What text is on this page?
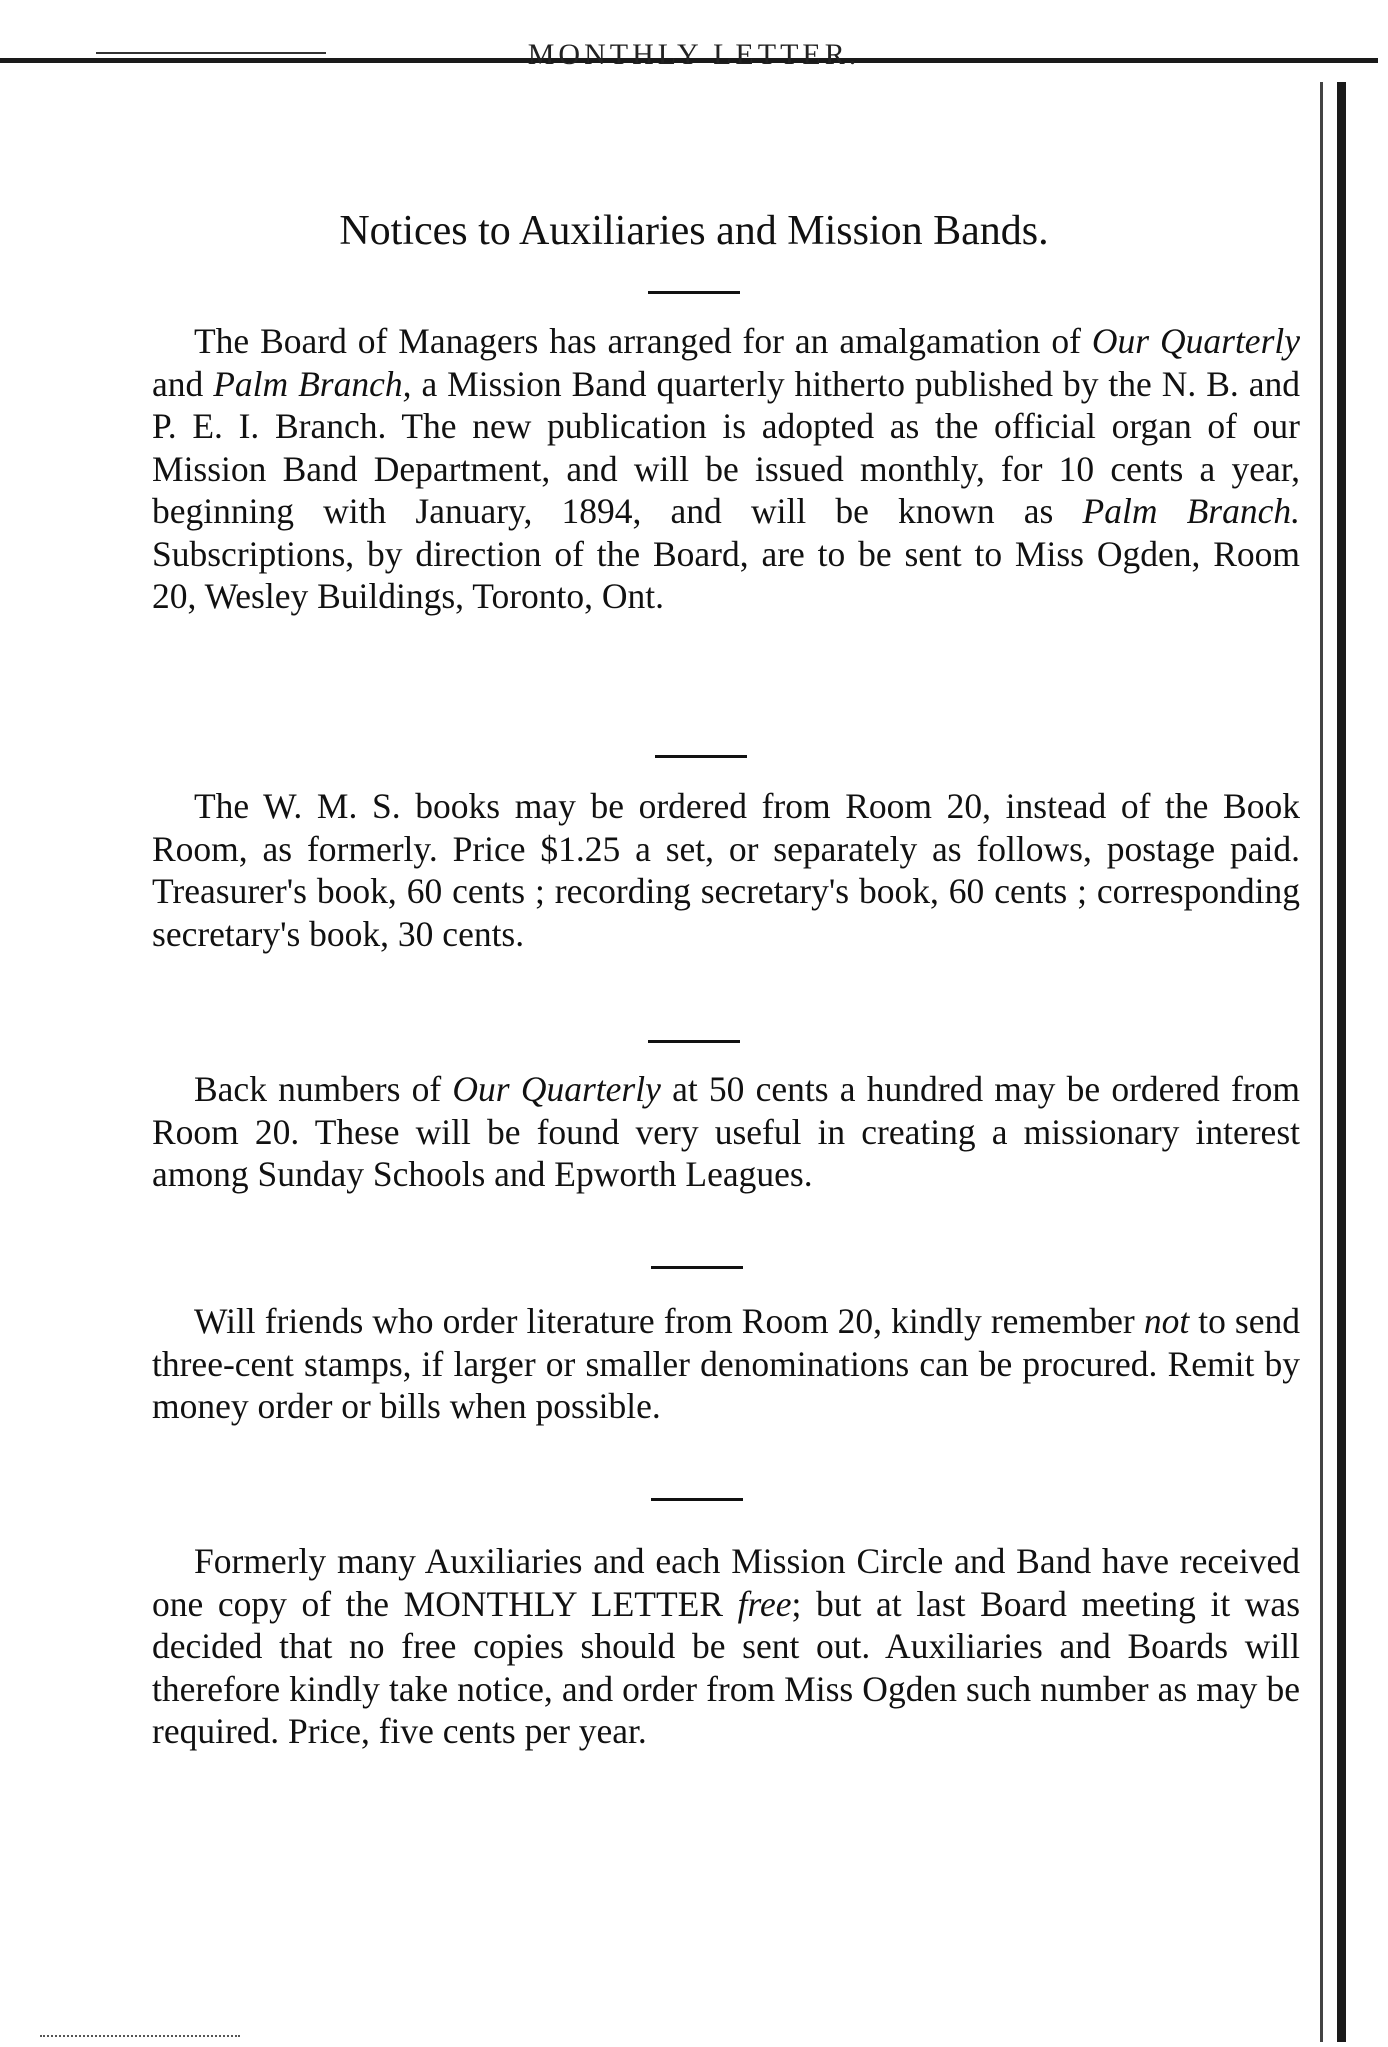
MONTHLY LETTER.
Notices to Auxiliaries and Mission Bands.

The Board of Managers has arranged for an amalgamation of Our Quarterly and Palm Branch, a Mission Band quarterly hitherto published by the N. B. and P. E. I. Branch. The new publication is adopted as the official organ of our Mission Band Department, and will be issued monthly, for 10 cents a year, beginning with January, 1894, and will be known as Palm Branch. Subscriptions, by direction of the Board, are to be sent to Miss Ogden, Room 20, Wesley Buildings, Toronto, Ont.

The W. M. S. books may be ordered from Room 20, instead of the Book Room, as formerly. Price $1.25 a set, or separately as follows, postage paid. Treasurer's book, 60 cents ; recording secretary's book, 60 cents ; corresponding secretary's book, 30 cents.

Back numbers of Our Quarterly at 50 cents a hundred may be ordered from Room 20. These will be found very useful in creating a missionary interest among Sunday Schools and Epworth Leagues.

Will friends who order literature from Room 20, kindly remember not to send three-cent stamps, if larger or smaller denominations can be procured. Remit by money order or bills when possible.

Formerly many Auxiliaries and each Mission Circle and Band have received one copy of the MONTHLY LETTER free; but at last Board meeting it was decided that no free copies should be sent out. Auxiliaries and Boards will therefore kindly take notice, and order from Miss Ogden such number as may be required. Price, five cents per year.
